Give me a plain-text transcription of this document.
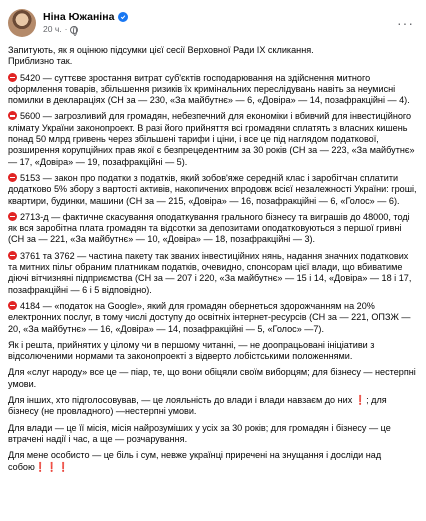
Ніна Южаніна
20 ч. ·	···
Запитують, як я оцінюю підсумки цієї сесії Верховної Ради IX скликання.
Приблизно так.
5420 — суттєве зростання витрат суб'єктів господарювання на здійснення митного оформлення товарів, збільшення ризиків їх кримінальних переслідувань навіть за неумисні помилки в деклараціях (СН за — 230, «За майбутнє» — 6, «Довіра» — 14, позафракційні — 4).
5600 — загрозливий для громадян, небезпечний для економіки і вбивчий для інвестиційного клімату України законопроект. В разі його прийняття всі громадяни сплатять з власних кишень понад 50 млрд гривень через збільшені тарифи і ціни, і все це під наглядом податкової, розширення корупційних прав якої є безпрецедентним за 30 років (СН за — 223, «За майбутнє» — 17, «Довіра» — 19, позафракційні — 5).
5153 — закон про податки з податків, який зобов'яже середній клас і заробітчан сплатити додатково 5% збору з вартості активів, накопичених впродовж всієї незалежності України: гроші, квартири, будинки, машини (СН за — 215, «Довіра» — 16, позафракційні — 6, «Голос» — 6).
2713-д — фактичне скасування оподаткування грального бізнесу та виграшів до 48000, тоді як вся заробітна плата громадян та відсотки за депозитами оподатковуються з першої гривні (СН за — 221, «За майбутнє» — 10, «Довіра» — 18, позафракційні — 3).
3761 та 3762 — частина пакету так званих інвестиційних нянь, надання значних податкових та митних пільг обраним платникам податків, очевидно, спонсорам цієї влади, що вбиватиме діючі вітчизняні підприємства (СН за — 207 і 220, «За майбутнє» — 15 і 14, «Довіра» — 18 і 17, позафракційні — 6 і 5 відповідно).
4184 — «податок на Google», який для громадян обернеться здорожчанням на 20% електронних послуг, в тому числі доступу до освітніх інтернет-ресурсів (СН за — 221, ОПЗЖ — 20, «За майбутнє» — 16, «Довіра» — 14, позафракційні — 5, «Голос» —7).
Як і решта, прийнятих у цілому чи в першому читанні, — не доопрацьовані ініціативи з відсолюченими нормами та законопроекті з відверто лобістськими положеннями.
Для «слуг народу» все це — піар, те, що вони обіцяли своїм виборцям; для бізнесу — нестерпні умови.
Для інших, хто підголосовував, — це лояльність до влади і влади навзаєм до них ❗; для бізнесу (не провладного) —нестерпні умови.
Для влади — це її місія, місія найрозуміших у усіх за 30 років; для громадян і бізнесу — це втрачені надії і час, а ще — розчарування.
Для мене особисто — це біль і сум, невже українці приречені на знущання і досліди над собою❗❗❗
